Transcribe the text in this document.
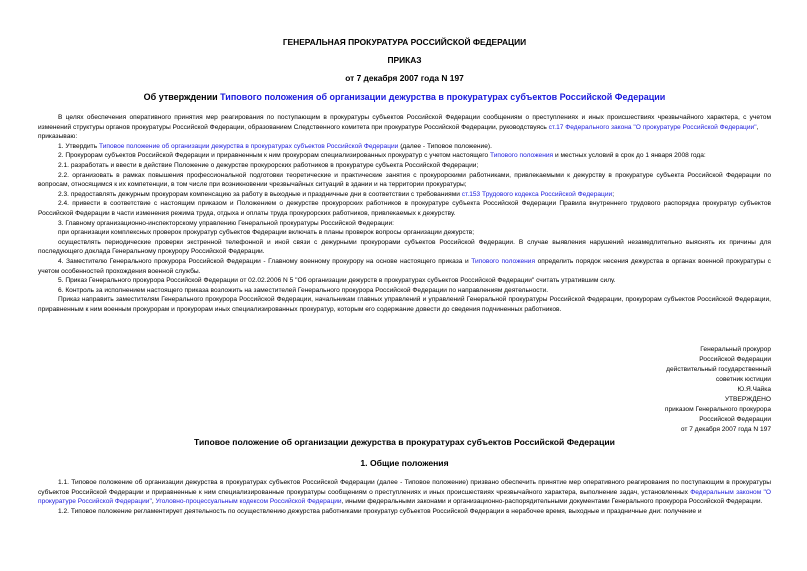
ГЕНЕРАЛЬНАЯ ПРОКУРАТУРА РОССИЙСКОЙ ФЕДЕРАЦИИ
ПРИКАЗ
от 7 декабря 2007 года N 197
Об утверждении Типового положения об организации дежурства в прокуратурах субъектов Российской Федерации

В целях обеспечения оперативного принятия мер реагирования по поступающим в прокуратуры субъектов Российской Федерации сообщениям о преступлениях и иных происшествиях чрезвычайного характера, с учетом изменений структуры органов прокуратуры Российской Федерации, образованием Следственного комитета при прокуратуре Российской Федерации, руководствуясь ст.17 Федерального закона "О прокуратуре Российской Федерации",

приказываю:

1. Утвердить Типовое положение об организации дежурства в прокуратурах субъектов Российской Федерации (далее - Типовое положение).

2. Прокурорам субъектов Российской Федерации и приравненным к ним прокурорам специализированных прокуратур с учетом настоящего Типового положения и местных условий в срок до 1 января 2008 года:

2.1. разработать и ввести в действие Положение о дежурстве прокурорских работников в прокуратуре субъекта Российской Федерации;

2.2. организовать в рамках повышения профессиональной подготовки теоретические и практические занятия с прокурорскими работниками, привлекаемыми к дежурству в прокуратуре субъекта Российской Федерации по вопросам, относящимся к их компетенции, в том числе при возникновении чрезвычайных ситуаций в здании и на территории прокуратуры;

2.3. предоставлять дежурным прокурорам компенсацию за работу в выходные и праздничные дни в соответствии с требованиями ст.153 Трудового кодекса Российской Федерации;

2.4. привести в соответствие с настоящим приказом и Положением о дежурстве прокурорских работников в прокуратуре субъекта Российской Федерации Правила внутреннего трудового распорядка прокуратур субъектов Российской Федерации в части изменения режима труда, отдыха и оплаты труда прокурорских работников, привлекаемых к дежурству.

3. Главному организационно-инспекторскому управлению Генеральной прокуратуры Российской Федерации:

при организации комплексных проверок прокуратур субъектов Федерации включать в планы проверок вопросы организации дежурств;

осуществлять периодические проверки экстренной телефонной и иной связи с дежурными прокурорами субъектов Российской Федерации. В случае выявления нарушений незамедлительно выяснять их причины для последующего доклада Генеральному прокурору Российской Федерации.

4. Заместителю Генерального прокурора Российской Федерации - Главному военному прокурору на основе настоящего приказа и Типового положения определить порядок несения дежурства в органах военной прокуратуры с учетом особенностей прохождения военной службы.

5. Приказ Генерального прокурора Российской Федерации от 02.02.2006 N 5 "Об организации дежурств в прокуратурах субъектов Российской Федерации" считать утратившим силу.

6. Контроль за исполнением настоящего приказа возложить на заместителей Генерального прокурора Российской Федерации по направлениям деятельности.

Приказ направить заместителям Генерального прокурора Российской Федерации, начальникам главных управлений и управлений Генеральной прокуратуры Российской Федерации, прокурорам субъектов Российской Федерации, приравненным к ним военным прокурорам и прокурорам иных специализированных прокуратур, которым его содержание довести до сведения подчиненных работников.

Генеральный прокурор
Российской Федерации
действительный государственный
советник юстиции
Ю.Я.Чайка
УТВЕРЖДЕНО
приказом Генерального прокурора
Российской Федерации
от 7 декабря 2007 года N 197
Типовое положение об организации дежурства в прокуратурах субъектов Российской Федерации
1. Общие положения

1.1. Типовое положение об организации дежурства в прокуратурах субъектов Российской Федерации (далее - Типовое положение) призвано обеспечить принятие мер оперативного реагирования по поступающим в прокуратуры субъектов Российской Федерации и приравненные к ним специализированные прокуратуры сообщениям о преступлениях и иных происшествиях чрезвычайного характера, выполнение задач, установленных Федеральным законом "О прокуратуре Российской Федерации", Уголовно-процессуальным кодексом Российской Федерации, иными федеральными законами и организационно-распорядительными документами Генерального прокурора Российской Федерации.

1.2. Типовое положение регламентирует деятельность по осуществлению дежурства работниками прокуратур субъектов Российской Федерации в нерабочее время, выходные и праздничные дни: получение и
